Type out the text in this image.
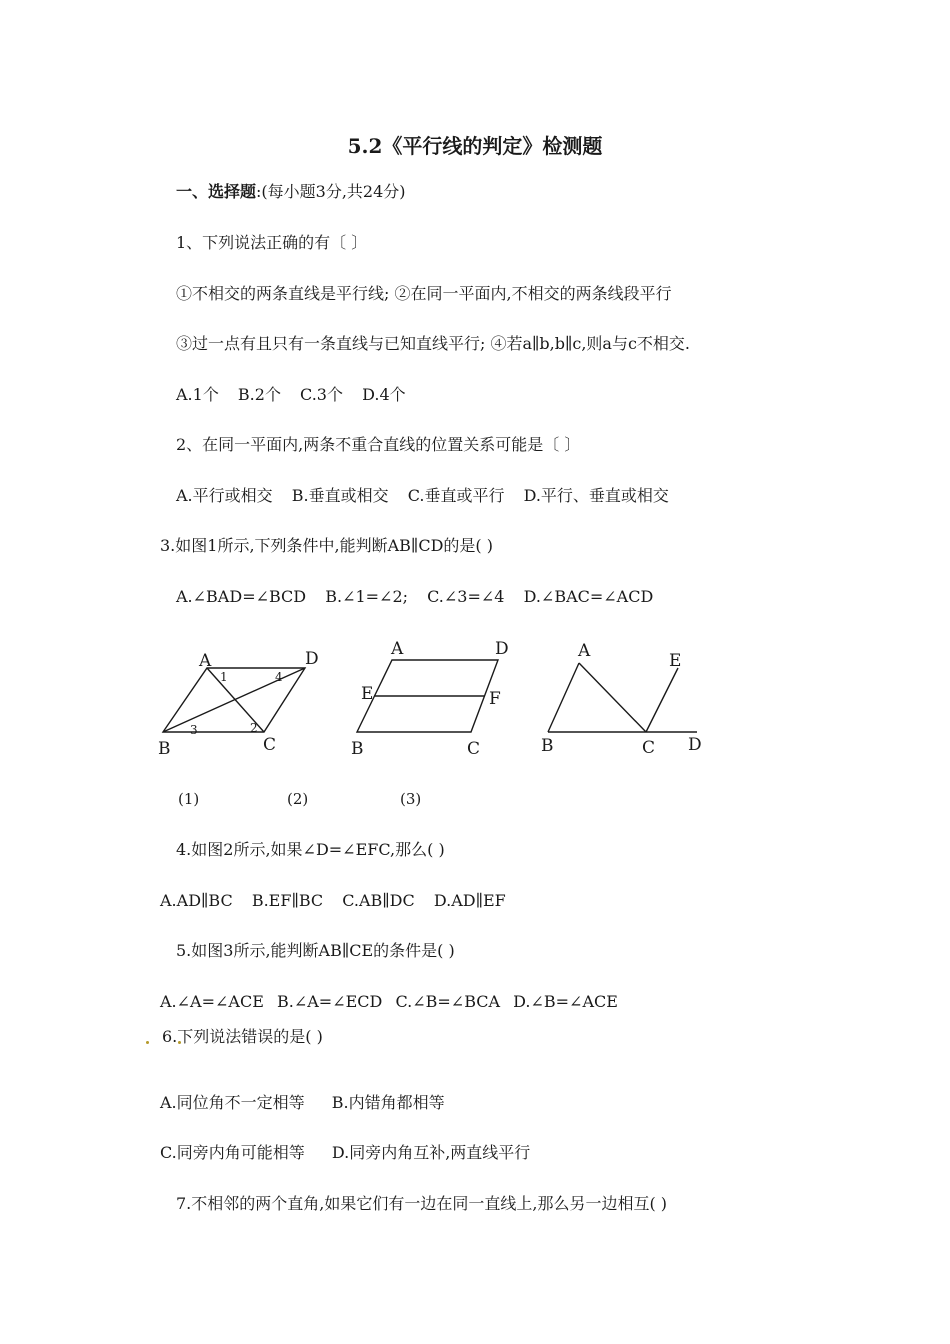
5.2《平行线的判定》检测题
一、选择题:(每小题3分,共24分)
1、下列说法正确的有〔 〕
①不相交的两条直线是平行线; ②在同一平面内,不相交的两条线段平行
③过一点有且只有一条直线与已知直线平行; ④若a∥b,b∥c,则a与c不相交.
A.1个 B.2个 C.3个 D.4个
2、在同一平面内,两条不重合直线的位置关系可能是〔 〕
A.平行或相交 B.垂直或相交 C.垂直或平行 D.平行、垂直或相交
3.如图1所示,下列条件中,能判断AB∥CD的是( )
A.∠BAD=∠BCD B.∠1=∠2; C.∠3=∠4 D.∠BAC=∠ACD
A	D
B	C
1	4
3	2
A	D
E	F
B	C
A	E
B	C D
(1)	(2)	(3)
4.如图2所示,如果∠D=∠EFC,那么( )
A.AD∥BC B.EF∥BC C.AB∥DC D.AD∥EF
5.如图3所示,能判断AB∥CE的条件是( )
A.∠A=∠ACE B.∠A=∠ECD C.∠B=∠BCA D.∠B=∠ACE
6.下列说法错误的是( )
A.同位角不一定相等 B.内错角都相等
C.同旁内角可能相等 D.同旁内角互补,两直线平行
7.不相邻的两个直角,如果它们有一边在同一直线上,那么另一边相互( )
